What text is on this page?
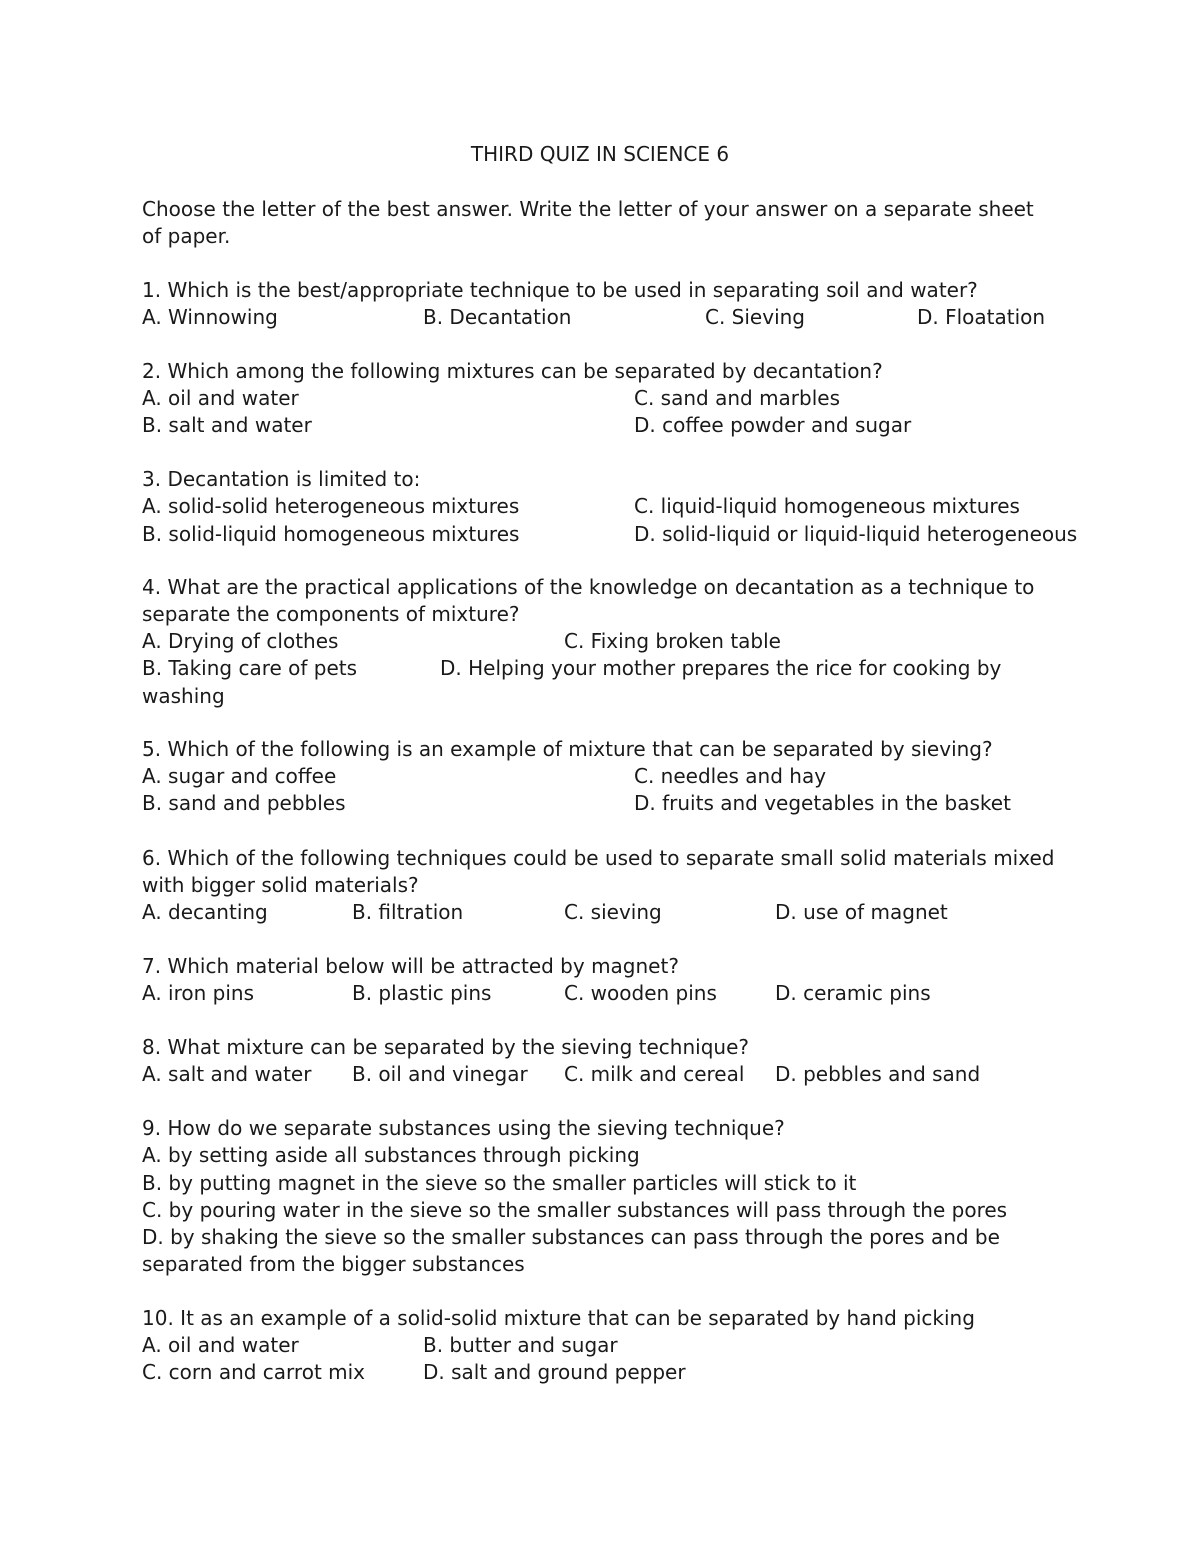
THIRD QUIZ IN SCIENCE 6
Choose the letter of the best answer. Write the letter of your answer on a separate sheet
of paper.
1. Which is the best/appropriate technique to be used in separating soil and water?
A. Winnowing	B. Decantation	C. Sieving	D. Floatation
2. Which among the following mixtures can be separated by decantation?
A. oil and water	C. sand and marbles
B. salt and water	D. coffee powder and sugar
3. Decantation is limited to:
A. solid-solid heterogeneous mixtures	C. liquid-liquid homogeneous mixtures
B. solid-liquid homogeneous mixtures	D. solid-liquid or liquid-liquid heterogeneous
4. What are the practical applications of the knowledge on decantation as a technique to
separate the components of mixture?
A. Drying of clothes	C. Fixing broken table
B. Taking care of pets	D. Helping your mother prepares the rice for cooking by
washing
5. Which of the following is an example of mixture that can be separated by sieving?
A. sugar and coffee	C. needles and hay
B. sand and pebbles	D. fruits and vegetables in the basket
6. Which of the following techniques could be used to separate small solid materials mixed
with bigger solid materials?
A. decanting	B. filtration	C. sieving	D. use of magnet
7. Which material below will be attracted by magnet?
A. iron pins	B. plastic pins	C. wooden pins	D. ceramic pins
8. What mixture can be separated by the sieving technique?
A. salt and water B. oil and vinegar C. milk and cereal D. pebbles and sand
9. How do we separate substances using the sieving technique?
A. by setting aside all substances through picking
B. by putting magnet in the sieve so the smaller particles will stick to it
C. by pouring water in the sieve so the smaller substances will pass through the pores
D. by shaking the sieve so the smaller substances can pass through the pores and be
separated from the bigger substances
10. It as an example of a solid-solid mixture that can be separated by hand picking
A. oil and water	B. butter and sugar
C. corn and carrot mix	D. salt and ground pepper
